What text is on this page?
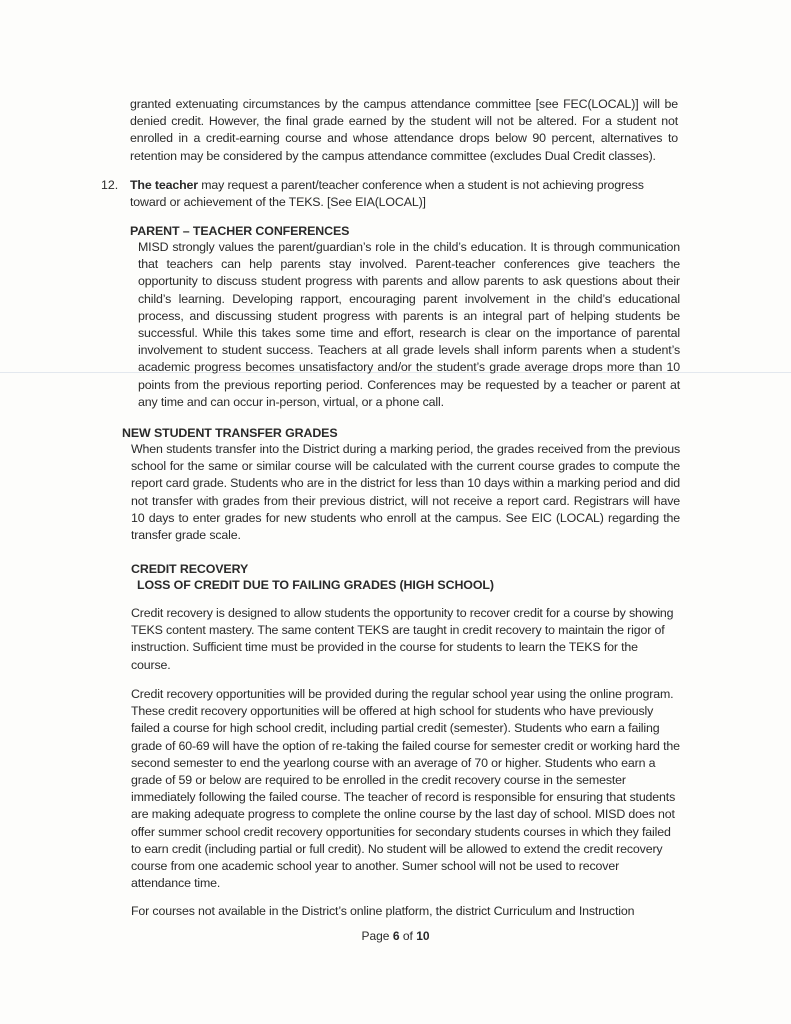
granted extenuating circumstances by the campus attendance committee [see FEC(LOCAL)] will be denied credit. However, the final grade earned by the student will not be altered. For a student not enrolled in a credit-earning course and whose attendance drops below 90 percent, alternatives to retention may be considered by the campus attendance committee (excludes Dual Credit classes).

12. The teacher may request a parent/teacher conference when a student is not achieving progress toward or achievement of the TEKS. [See EIA(LOCAL)]

PARENT – TEACHER CONFERENCES

MISD strongly values the parent/guardian’s role in the child’s education. It is through communication that teachers can help parents stay involved. Parent-teacher conferences give teachers the opportunity to discuss student progress with parents and allow parents to ask questions about their child’s learning. Developing rapport, encouraging parent involvement in the child’s educational process, and discussing student progress with parents is an integral part of helping students be successful. While this takes some time and effort, research is clear on the importance of parental involvement to student success. Teachers at all grade levels shall inform parents when a student’s academic progress becomes unsatisfactory and/or the student’s grade average drops more than 10 points from the previous reporting period. Conferences may be requested by a teacher or parent at any time and can occur in-person, virtual, or a phone call.

NEW STUDENT TRANSFER GRADES

When students transfer into the District during a marking period, the grades received from the previous school for the same or similar course will be calculated with the current course grades to compute the report card grade. Students who are in the district for less than 10 days within a marking period and did not transfer with grades from their previous district, will not receive a report card. Registrars will have 10 days to enter grades for new students who enroll at the campus. See EIC (LOCAL) regarding the transfer grade scale.

CREDIT RECOVERY
LOSS OF CREDIT DUE TO FAILING GRADES (HIGH SCHOOL)

Credit recovery is designed to allow students the opportunity to recover credit for a course by showing TEKS content mastery. The same content TEKS are taught in credit recovery to maintain the rigor of instruction. Sufficient time must be provided in the course for students to learn the TEKS for the course.

Credit recovery opportunities will be provided during the regular school year using the online program. These credit recovery opportunities will be offered at high school for students who have previously failed a course for high school credit, including partial credit (semester). Students who earn a failing grade of 60-69 will have the option of re-taking the failed course for semester credit or working hard the second semester to end the yearlong course with an average of 70 or higher. Students who earn a grade of 59 or below are required to be enrolled in the credit recovery course in the semester immediately following the failed course. The teacher of record is responsible for ensuring that students are making adequate progress to complete the online course by the last day of school. MISD does not offer summer school credit recovery opportunities for secondary students courses in which they failed to earn credit (including partial or full credit). No student will be allowed to extend the credit recovery course from one academic school year to another. Sumer school will not be used to recover attendance time.

For courses not available in the District’s online platform, the district Curriculum and Instruction

Page 6 of 10
